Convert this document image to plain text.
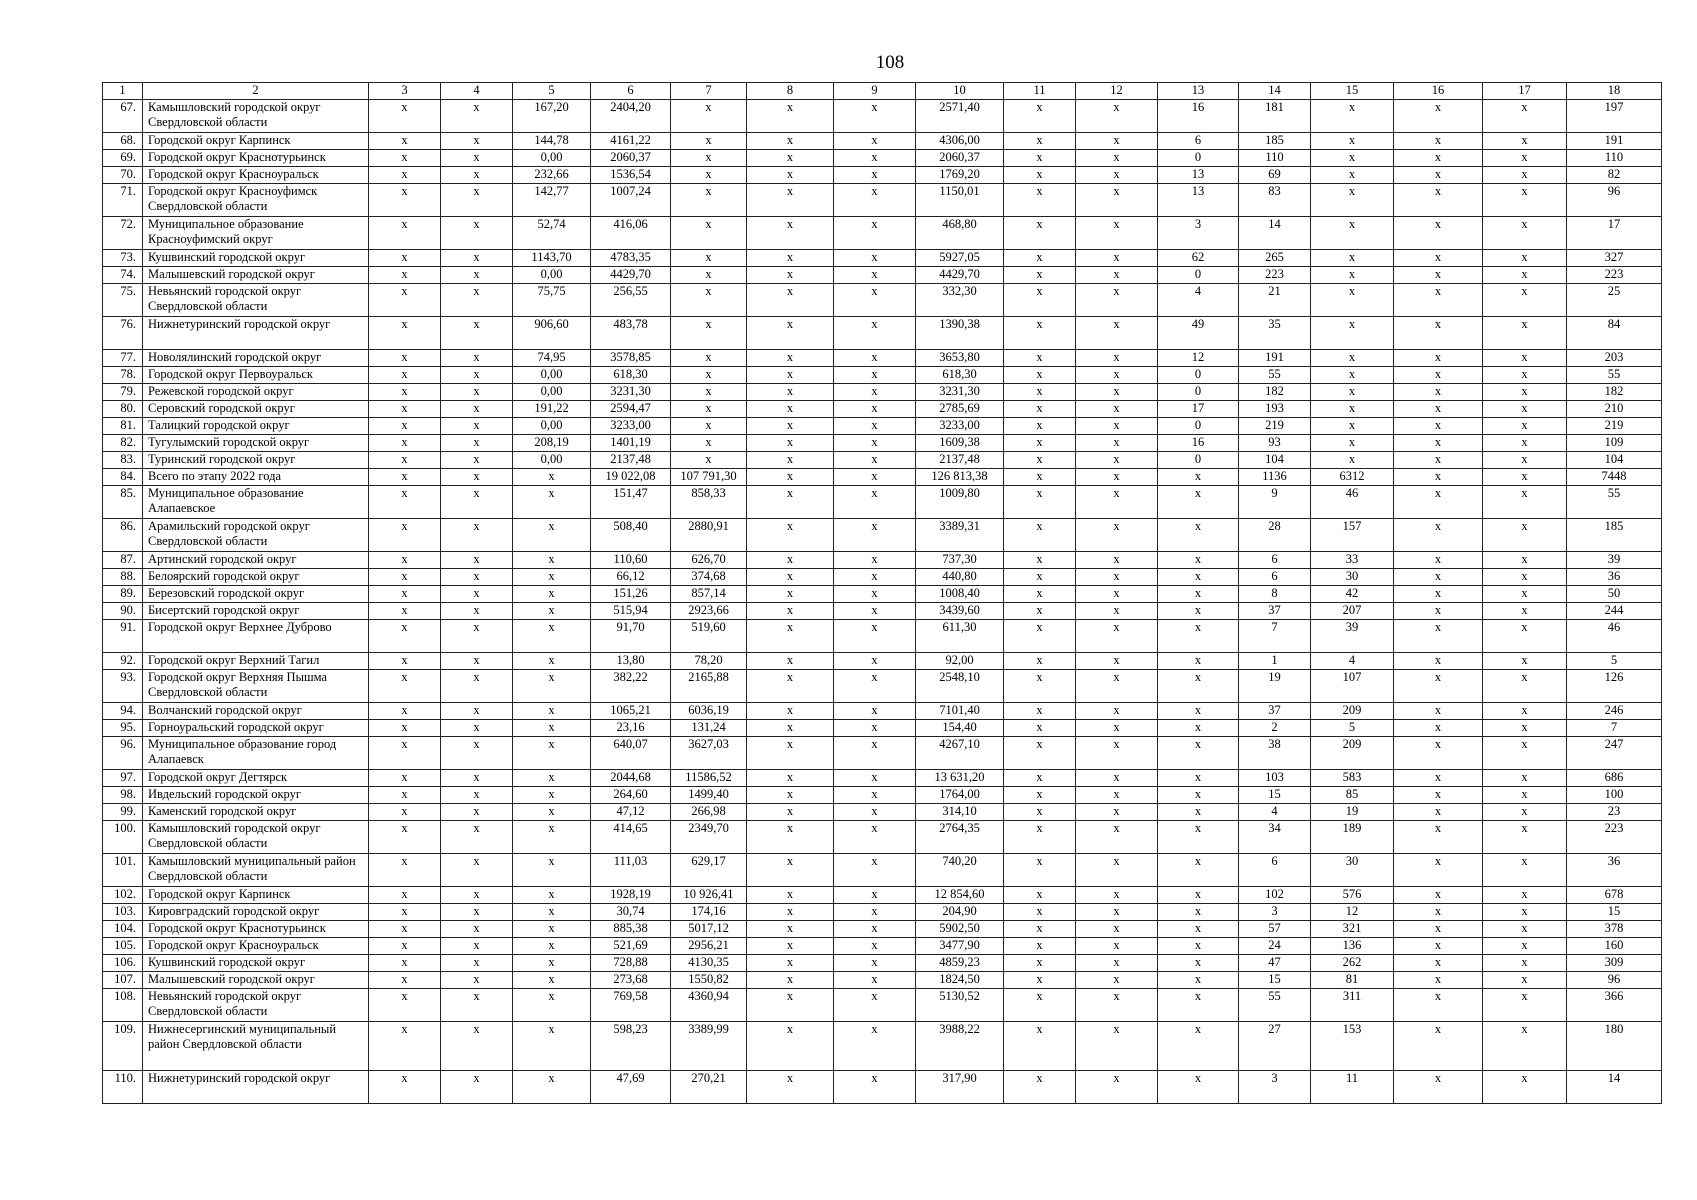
108
1	2	3	4	5	6	7	8	9	10	11	12	13	14	15	16	17	18
67.	Камышловский городской округ Свердловской области	х	х	167,20	2404,20	х	х	х	2571,40	х	х	16	181	х	х	х	197
68.	Городской округ Карпинск	х	х	144,78	4161,22	х	х	х	4306,00	х	х	6	185	х	х	х	191
69.	Городской округ Краснотурьинск	х	х	0,00	2060,37	х	х	х	2060,37	х	х	0	110	х	х	х	110
70.	Городской округ Красноуральск	х	х	232,66	1536,54	х	х	х	1769,20	х	х	13	69	х	х	х	82
71.	Городской округ Красноуфимск Свердловской области	х	х	142,77	1007,24	х	х	х	1150,01	х	х	13	83	х	х	х	96
72.	Муниципальное образование Красноуфимский округ	х	х	52,74	416,06	х	х	х	468,80	х	х	3	14	х	х	х	17
73.	Кушвинский городской округ	х	х	1143,70	4783,35	х	х	х	5927,05	х	х	62	265	х	х	х	327
74.	Малышевский городской округ	х	х	0,00	4429,70	х	х	х	4429,70	х	х	0	223	х	х	х	223
75.	Невьянский городской округ Свердловской области	х	х	75,75	256,55	х	х	х	332,30	х	х	4	21	х	х	х	25
76.	Нижнетуринский городской округ	х	х	906,60	483,78	х	х	х	1390,38	х	х	49	35	х	х	х	84
77.	Новолялинский городской округ	х	х	74,95	3578,85	х	х	х	3653,80	х	х	12	191	х	х	х	203
78.	Городской округ Первоуральск	х	х	0,00	618,30	х	х	х	618,30	х	х	0	55	х	х	х	55
79.	Режевской городской округ	х	х	0,00	3231,30	х	х	х	3231,30	х	х	0	182	х	х	х	182
80.	Серовский городской округ	х	х	191,22	2594,47	х	х	х	2785,69	х	х	17	193	х	х	х	210
81.	Талицкий городской округ	х	х	0,00	3233,00	х	х	х	3233,00	х	х	0	219	х	х	х	219
82.	Тугулымский городской округ	х	х	208,19	1401,19	х	х	х	1609,38	х	х	16	93	х	х	х	109
83.	Туринский городской округ	х	х	0,00	2137,48	х	х	х	2137,48	х	х	0	104	х	х	х	104
84.	Всего по этапу 2022 года	х	х	х	19 022,08	107 791,30	х	х	126 813,38	х	х	х	1136	6312	х	х	7448
85.	Муниципальное образование Алапаевское	х	х	х	151,47	858,33	х	х	1009,80	х	х	х	9	46	х	х	55
86.	Арамильский городской округ Свердловской области	х	х	х	508,40	2880,91	х	х	3389,31	х	х	х	28	157	х	х	185
87.	Артинский городской округ	х	х	х	110,60	626,70	х	х	737,30	х	х	х	6	33	х	х	39
88.	Белоярский городской округ	х	х	х	66,12	374,68	х	х	440,80	х	х	х	6	30	х	х	36
89.	Березовский городской округ	х	х	х	151,26	857,14	х	х	1008,40	х	х	х	8	42	х	х	50
90.	Бисертский городской округ	х	х	х	515,94	2923,66	х	х	3439,60	х	х	х	37	207	х	х	244
91.	Городской округ Верхнее Дуброво	х	х	х	91,70	519,60	х	х	611,30	х	х	х	7	39	х	х	46
92.	Городской округ Верхний Тагил	х	х	х	13,80	78,20	х	х	92,00	х	х	х	1	4	х	х	5
93.	Городской округ Верхняя Пышма Свердловской области	х	х	х	382,22	2165,88	х	х	2548,10	х	х	х	19	107	х	х	126
94.	Волчанский городской округ	х	х	х	1065,21	6036,19	х	х	7101,40	х	х	х	37	209	х	х	246
95.	Горноуральский городской округ	х	х	х	23,16	131,24	х	х	154,40	х	х	х	2	5	х	х	7
96.	Муниципальное образование город Алапаевск	х	х	х	640,07	3627,03	х	х	4267,10	х	х	х	38	209	х	х	247
97.	Городской округ Дегтярск	х	х	х	2044,68	11586,52	х	х	13 631,20	х	х	х	103	583	х	х	686
98.	Ивдельский городской округ	х	х	х	264,60	1499,40	х	х	1764,00	х	х	х	15	85	х	х	100
99.	Каменский городской округ	х	х	х	47,12	266,98	х	х	314,10	х	х	х	4	19	х	х	23
100.	Камышловский городской округ Свердловской области	х	х	х	414,65	2349,70	х	х	2764,35	х	х	х	34	189	х	х	223
101.	Камышловский муниципальный район Свердловской области	х	х	х	111,03	629,17	х	х	740,20	х	х	х	6	30	х	х	36
102.	Городской округ Карпинск	х	х	х	1928,19	10 926,41	х	х	12 854,60	х	х	х	102	576	х	х	678
103.	Кировградский городской округ	х	х	х	30,74	174,16	х	х	204,90	х	х	х	3	12	х	х	15
104.	Городской округ Краснотурьинск	х	х	х	885,38	5017,12	х	х	5902,50	х	х	х	57	321	х	х	378
105.	Городской округ Красноуральск	х	х	х	521,69	2956,21	х	х	3477,90	х	х	х	24	136	х	х	160
106.	Кушвинский городской округ	х	х	х	728,88	4130,35	х	х	4859,23	х	х	х	47	262	х	х	309
107.	Малышевский городской округ	х	х	х	273,68	1550,82	х	х	1824,50	х	х	х	15	81	х	х	96
108.	Невьянский городской округ Свердловской области	х	х	х	769,58	4360,94	х	х	5130,52	х	х	х	55	311	х	х	366
109.	Нижнесергинский муниципальный район Свердловской области	х	х	х	598,23	3389,99	х	х	3988,22	х	х	х	27	153	х	х	180
110.	Нижнетуринский городской округ	х	х	х	47,69	270,21	х	х	317,90	х	х	х	3	11	х	х	14
